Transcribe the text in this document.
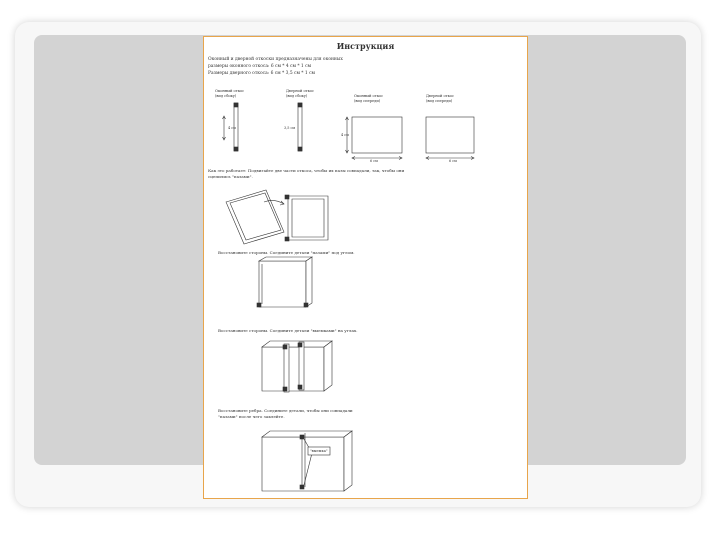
Инструкция
Оконный и дверной откоски предназначены для оконных
размеры оконного откоса: 6 см * 4 см * 1 см
Размеры дверного откоса: 6 см * 3,5 см * 1 см
Оконный откос
(вид сбоку)
Дверной откос
(вид сбоку)	Оконный откос
(вид спереди)
Дверной откос
(вид спереди)
4 см	3,5 см
4 см
6 см	6 см
Как это работает: Подвигайте две части откоса, чтобы их пазы совпадали, так, чтобы они
сцепились "пазами".
Восстановите стороны. Соедините детали "пазами" под углом.
Восстановите стороны. Соедините детали "выемками" на углах.
Восстановите ребра. Соедините детали, чтобы они совпадали
"пазами" после чего заклейте.
"выемка"
